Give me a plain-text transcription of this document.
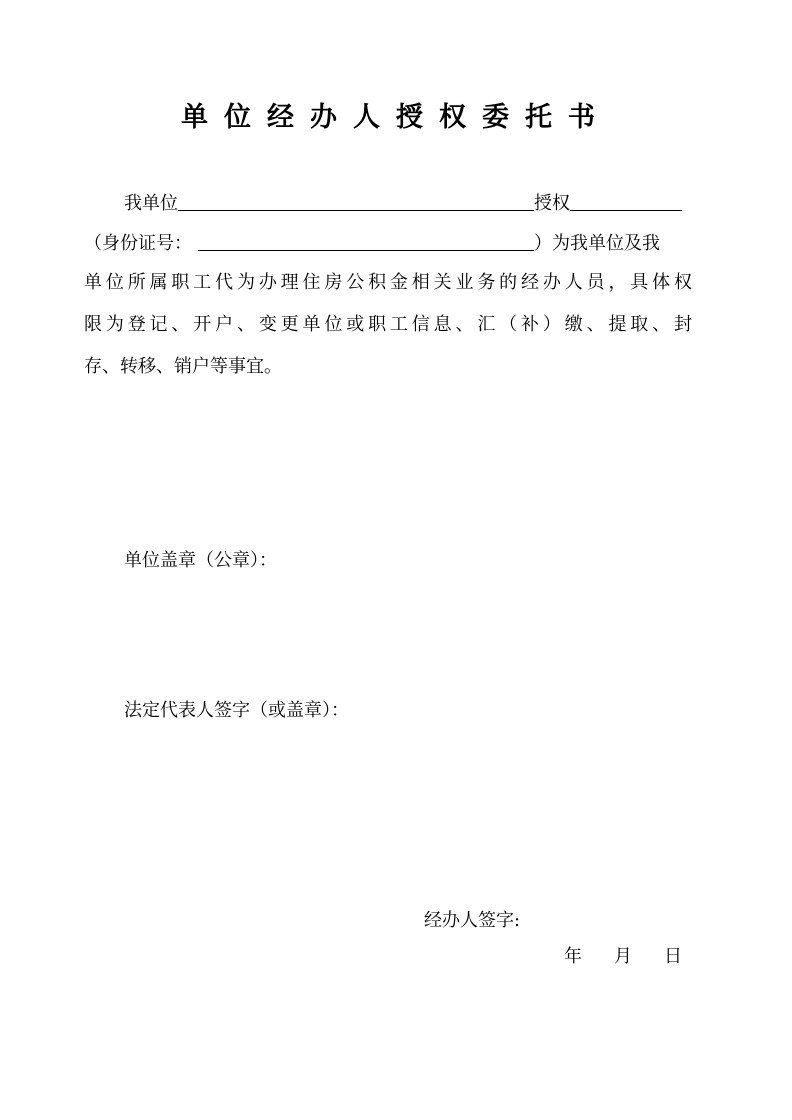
单位经办人授权委托书
我单位	授权
（身份证号：	）为我单位及我
单位所属职工代为办理住房公积金相关业务的经办人员，具体权
限为登记、开户、变更单位或职工信息、汇（补）缴、提取、封
存、转移、销户等事宜。
单位盖章（公章）：
法定代表人签字（或盖章）：
经办人签字:
年 月 日
